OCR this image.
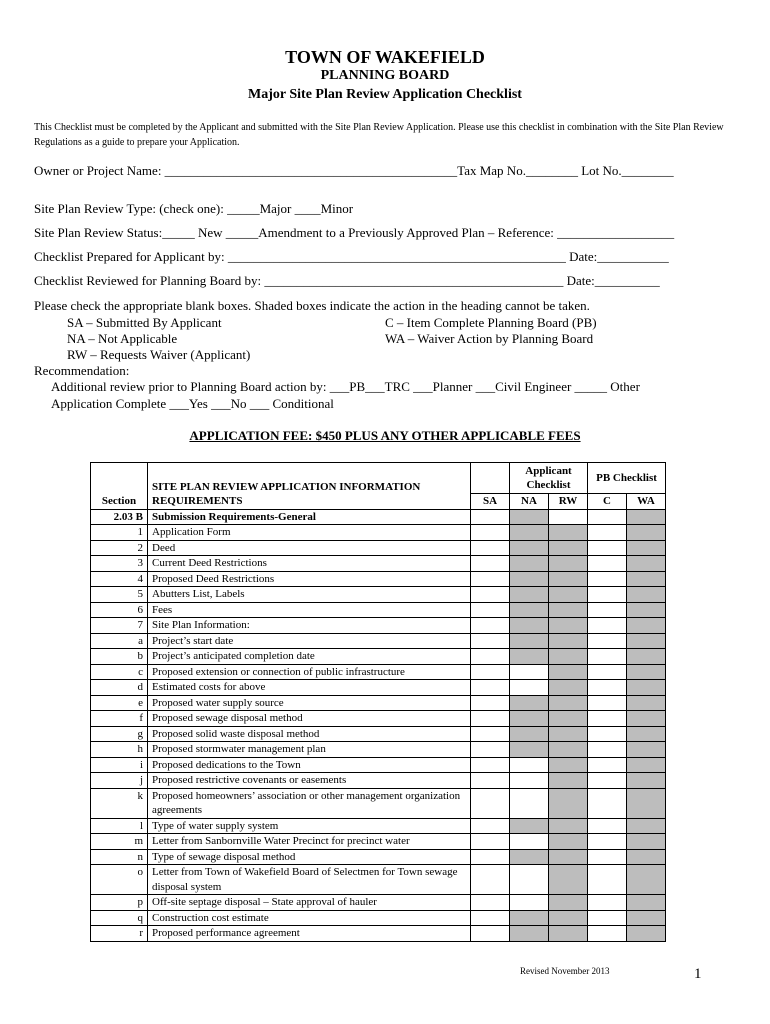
TOWN OF WAKEFIELD
PLANNING BOARD
Major Site Plan Review Application Checklist
This Checklist must be completed by the Applicant and submitted with the Site Plan Review Application. Please use this checklist in combination with the Site Plan Review Regulations as a guide to prepare your Application.
Owner or Project Name: _____________________________________________Tax Map No.________ Lot No.________
Site Plan Review Type: (check one): _____Major ____Minor
Site Plan Review Status:_____ New _____Amendment to a Previously Approved Plan – Reference: __________________
Checklist Prepared for Applicant by: ____________________________________________________ Date:___________
Checklist Reviewed for Planning Board by: ______________________________________________ Date:__________
Please check the appropriate blank boxes. Shaded boxes indicate the action in the heading cannot be taken.
SA – Submitted By Applicant
NA – Not Applicable
RW – Requests Waiver (Applicant)
C – Item Complete Planning Board (PB)
WA – Waiver Action by Planning Board
Recommendation:
Additional review prior to Planning Board action by: ___PB___TRC ___Planner ___Civil Engineer _____ Other
Application Complete ___Yes ___No ___ Conditional
APPLICATION FEE: $450 PLUS ANY OTHER APPLICABLE FEES
Section	SITE PLAN REVIEW APPLICATION INFORMATION REQUIREMENTS		Applicant Checklist		PB Checklist	
		SA	NA	RW	C	WA
2.03 B	Submission Requirements-General					
1	Application Form					
2	Deed					
3	Current Deed Restrictions					
4	Proposed Deed Restrictions					
5	Abutters List, Labels					
6	Fees					
7	Site Plan Information:					
a	Project’s start date					
b	Project’s anticipated completion date					
c	Proposed extension or connection of public infrastructure					
d	Estimated costs for above					
e	Proposed water supply source					
f	Proposed sewage disposal method					
g	Proposed solid waste disposal method					
h	Proposed stormwater management plan					
i	Proposed dedications to the Town					
j	Proposed restrictive covenants or easements					
k	Proposed homeowners’ association or other management organization agreements					
l	Type of water supply system					
m	Letter from Sanbornville Water Precinct for precinct water					
n	Type of sewage disposal method					
o	Letter from Town of Wakefield Board of Selectmen for Town sewage disposal system					
p	Off-site septage disposal – State approval of hauler					
q	Construction cost estimate					
r	Proposed performance agreement					
Revised November 2013	1
